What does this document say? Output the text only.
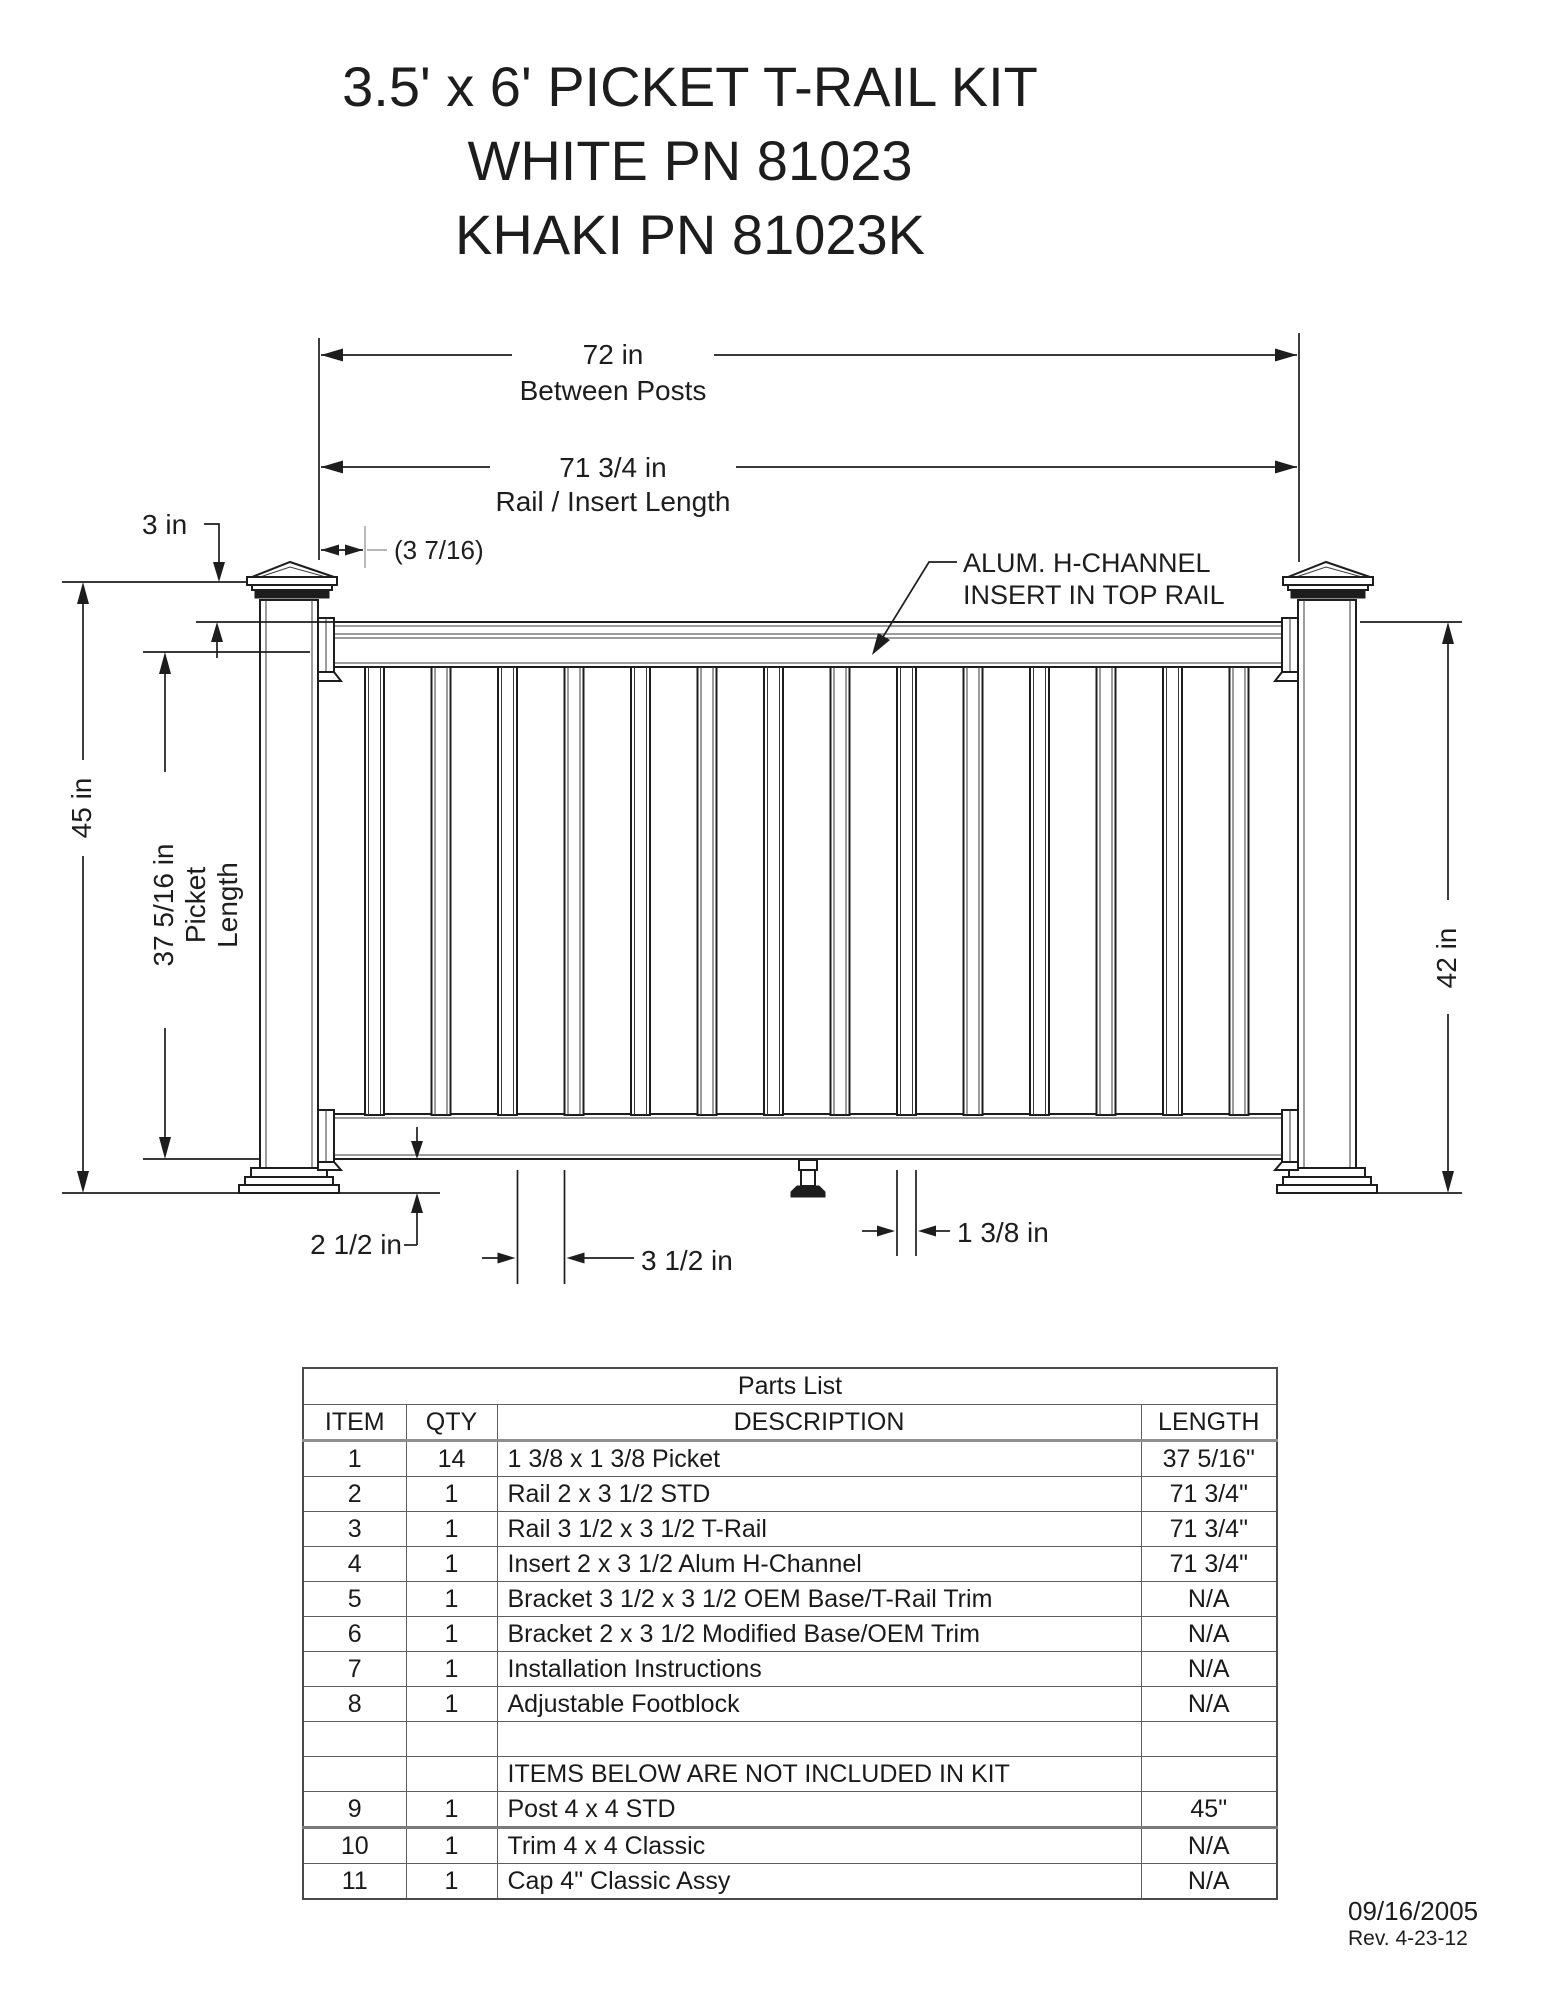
3.5' x 6' PICKET T-RAIL KIT
WHITE PN 81023
KHAKI PN 81023K
72 in
Between Posts
71 3/4 in
Rail / Insert Length
3 in
(3 7/16)
45 in
37 5/16 in Picket Length
42 in
2 1/2 in
3 1/2 in
1 3/8 in
ALUM. H-CHANNEL
INSERT IN TOP RAIL
Parts List			
ITEM	QTY	DESCRIPTION	LENGTH
1	14	1 3/8 x 1 3/8 Picket	37 5/16"
2	1	Rail 2 x 3 1/2 STD	71 3/4"
3	1	Rail 3 1/2 x 3 1/2 T-Rail	71 3/4"
4	1	Insert 2 x 3 1/2 Alum H-Channel	71 3/4"
5	1	Bracket 3 1/2 x 3 1/2 OEM Base/T-Rail Trim	N/A
6	1	Bracket 2 x 3 1/2 Modified Base/OEM Trim	N/A
7	1	Installation Instructions	N/A
8	1	Adjustable Footblock	N/A

		ITEMS BELOW ARE NOT INCLUDED IN KIT	
9	1	Post 4 x 4 STD	45"
10	1	Trim 4 x 4 Classic	N/A
11	1	Cap 4" Classic Assy	N/A
09/16/2005
Rev. 4-23-12
